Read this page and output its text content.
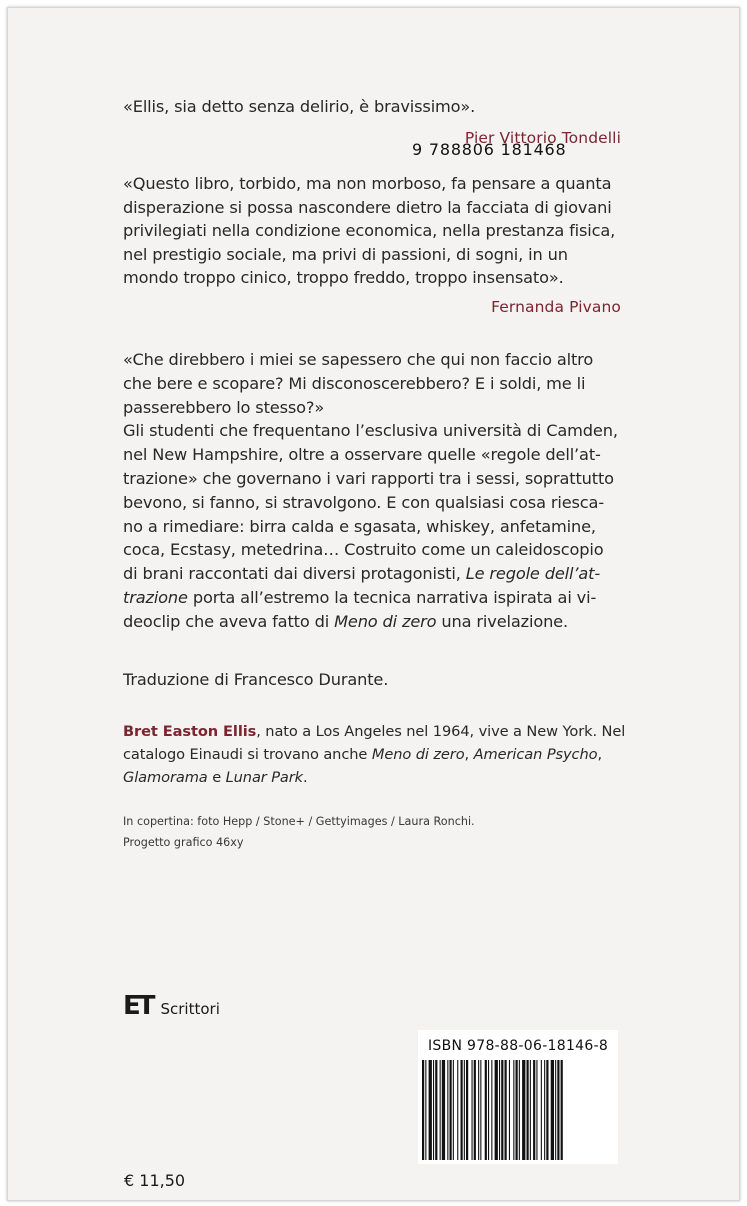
«Ellis, sia detto senza delirio, è bravissimo».
Pier Vittorio Tondelli
«Questo libro, torbido, ma non morboso, fa pensare a quanta
disperazione si possa nascondere dietro la facciata di giovani
privilegiati nella condizione economica, nella prestanza fisica,
nel prestigio sociale, ma privi di passioni, di sogni, in un
mondo troppo cinico, troppo freddo, troppo insensato».
Fernanda Pivano

«Che direbbero i miei se sapessero che qui non faccio altro
che bere e scopare? Mi disconoscerebbero? E i soldi, me li
passerebbero lo stesso?»
Gli studenti che frequentano l’esclusiva università di Camden,
nel New Hampshire, oltre a osservare quelle «regole dell’at-
trazione» che governano i vari rapporti tra i sessi, soprattutto
bevono, si fanno, si stravolgono. E con qualsiasi cosa riesca-
no a rimediare: birra calda e sgasata, whiskey, anfetamine,
coca, Ecstasy, metedrina… Costruito come un caleidoscopio
di brani raccontati dai diversi protagonisti, Le regole dell’at-
trazione porta all’estremo la tecnica narrativa ispirata ai vi-
deoclip che aveva fatto di Meno di zero una rivelazione.

Traduzione di Francesco Durante.
Bret Easton Ellis, nato a Los Angeles nel 1964, vive a New York. Nel
catalogo Einaudi si trovano anche Meno di zero, American Psycho,
Glamorama e Lunar Park.
In copertina: foto Hepp / Stone+ / Gettyimages / Laura Ronchi.
Progetto grafico 46xy
ET Scrittori
€ 11,50
ISBN 978-88-06-18146-8
9 788806 181468
